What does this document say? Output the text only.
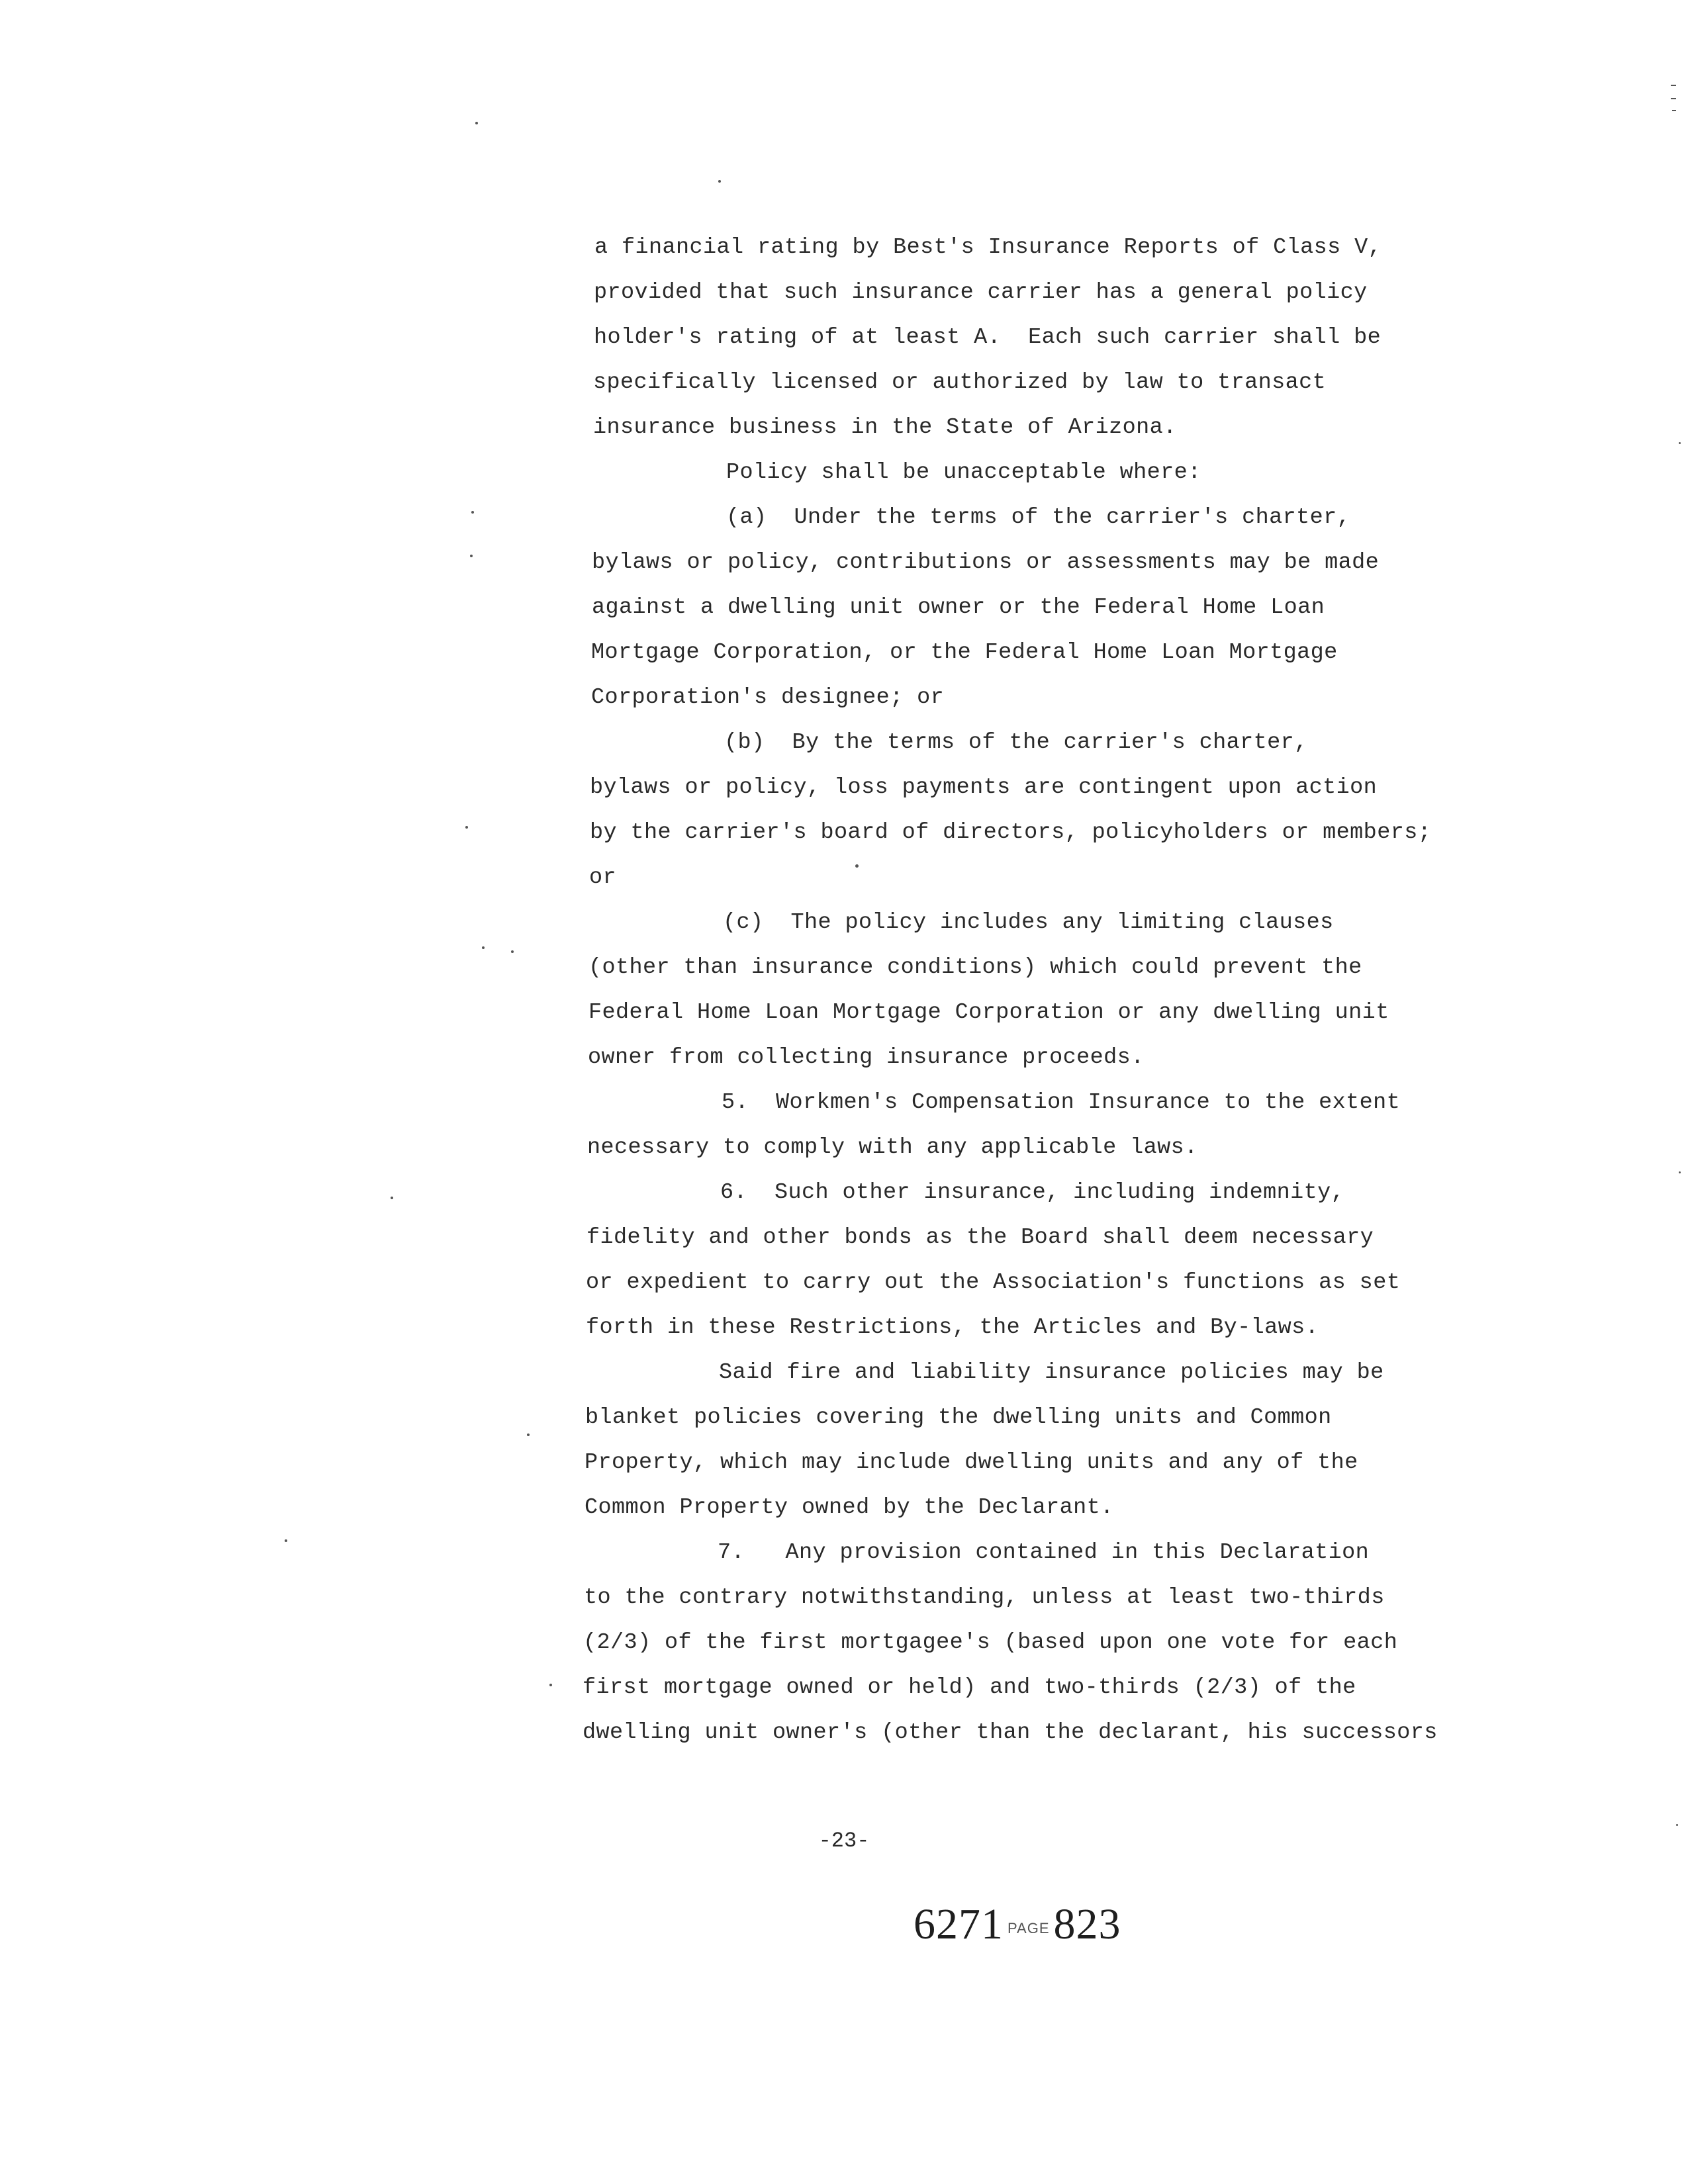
a financial rating by Best's Insurance Reports of Class V,
provided that such insurance carrier has a general policy
holder's rating of at least A.  Each such carrier shall be
specifically licensed or authorized by law to transact
insurance business in the State of Arizona.
Policy shall be unacceptable where:
(a)  Under the terms of the carrier's charter,
bylaws or policy, contributions or assessments may be made
against a dwelling unit owner or the Federal Home Loan
Mortgage Corporation, or the Federal Home Loan Mortgage
Corporation's designee; or
(b)  By the terms of the carrier's charter,
bylaws or policy, loss payments are contingent upon action
by the carrier's board of directors, policyholders or members;
or
(c)  The policy includes any limiting clauses
(other than insurance conditions) which could prevent the
Federal Home Loan Mortgage Corporation or any dwelling unit
owner from collecting insurance proceeds.
5.  Workmen's Compensation Insurance to the extent
necessary to comply with any applicable laws.
6.  Such other insurance, including indemnity,
fidelity and other bonds as the Board shall deem necessary
or expedient to carry out the Association's functions as set
forth in these Restrictions, the Articles and By-laws.
Said fire and liability insurance policies may be
blanket policies covering the dwelling units and Common
Property, which may include dwelling units and any of the
Common Property owned by the Declarant.
7.   Any provision contained in this Declaration
to the contrary notwithstanding, unless at least two-thirds
(2/3) of the first mortgagee's (based upon one vote for each
first mortgage owned or held) and two-thirds (2/3) of the
dwelling unit owner's (other than the declarant, his successors
-23-
6271 PAGE823
